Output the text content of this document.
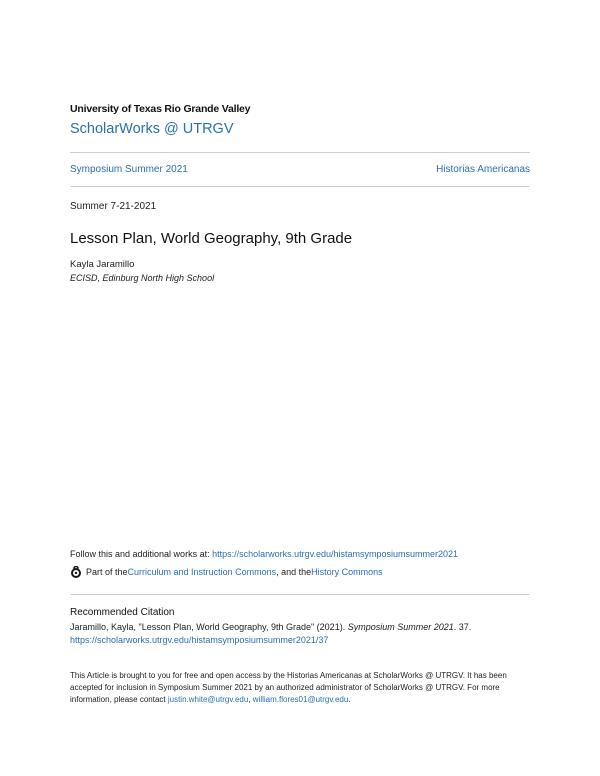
University of Texas Rio Grande Valley
ScholarWorks @ UTRGV
Symposium Summer 2021	Historias Americanas
Summer 7-21-2021
Lesson Plan, World Geography, 9th Grade
Kayla Jaramillo
ECISD, Edinburg North High School
Follow this and additional works at: https://scholarworks.utrgv.edu/histamsymposiumsummer2021
Part of the Curriculum and Instruction Commons , and the History Commons
Recommended Citation
Jaramillo, Kayla, "Lesson Plan, World Geography, 9th Grade" (2021). Symposium Summer 2021. 37.
https://scholarworks.utrgv.edu/histamsymposiumsummer2021/37
This Article is brought to you for free and open access by the Historias Americanas at ScholarWorks @ UTRGV. It has been accepted for inclusion in Symposium Summer 2021 by an authorized administrator of ScholarWorks @ UTRGV. For more information, please contact justin.white@utrgv.edu, william.flores01@utrgv.edu.
